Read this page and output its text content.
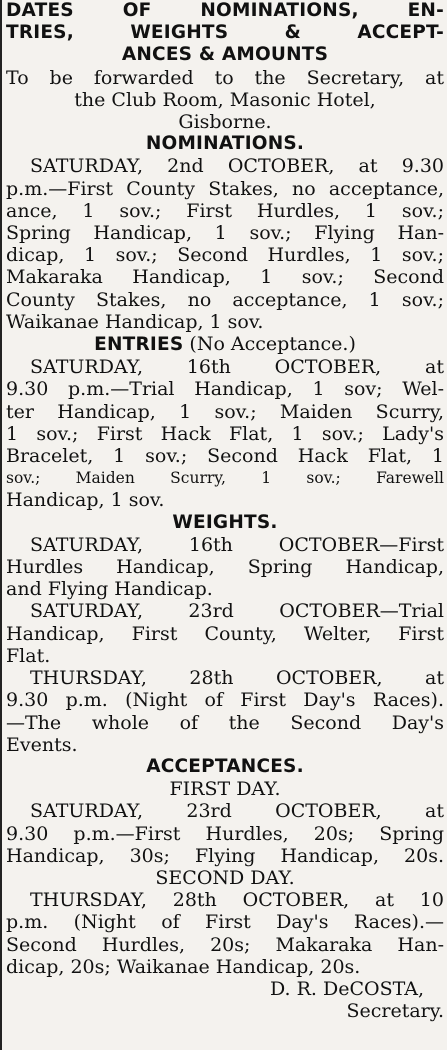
DATES OF NOMINATIONS, EN-
TRIES, WEIGHTS & ACCEPT-
ANCES & AMOUNTS
To be forwarded to the Secretary, at
the Club Room, Masonic Hotel,
Gisborne.
NOMINATIONS.
SATURDAY, 2nd OCTOBER, at 9.30
p.m.—First County Stakes, no acceptance,
ance, 1 sov.; First Hurdles, 1 sov.;
Spring Handicap, 1 sov.; Flying Han-
dicap, 1 sov.; Second Hurdles, 1 sov.;
Makaraka Handicap, 1 sov.; Second
County Stakes, no acceptance, 1 sov.;
Waikanae Handicap, 1 sov.
ENTRIES (No Acceptance.)
SATURDAY, 16th OCTOBER, at
9.30 p.m.—Trial Handicap, 1 sov; Wel-
ter Handicap, 1 sov.; Maiden Scurry,
1 sov.; First Hack Flat, 1 sov.; Lady's
Bracelet, 1 sov.; Second Hack Flat, 1
sov.; Maiden Scurry, 1 sov.; Farewell
Handicap, 1 sov.
WEIGHTS.
SATURDAY, 16th OCTOBER—First
Hurdles Handicap, Spring Handicap,
and Flying Handicap.
SATURDAY, 23rd OCTOBER—Trial
Handicap, First County, Welter, First
Flat.
THURSDAY, 28th OCTOBER, at
9.30 p.m. (Night of First Day's Races).
—The whole of the Second Day's
Events.
ACCEPTANCES.
FIRST DAY.
SATURDAY, 23rd OCTOBER, at
9.30 p.m.—First Hurdles, 20s; Spring
Handicap, 30s; Flying Handicap, 20s.
SECOND DAY.
THURSDAY, 28th OCTOBER, at 10
p.m. (Night of First Day's Races).—
Second Hurdles, 20s; Makaraka Han-
dicap, 20s; Waikanae Handicap, 20s.
D. R. DeCOSTA,
Secretary.
